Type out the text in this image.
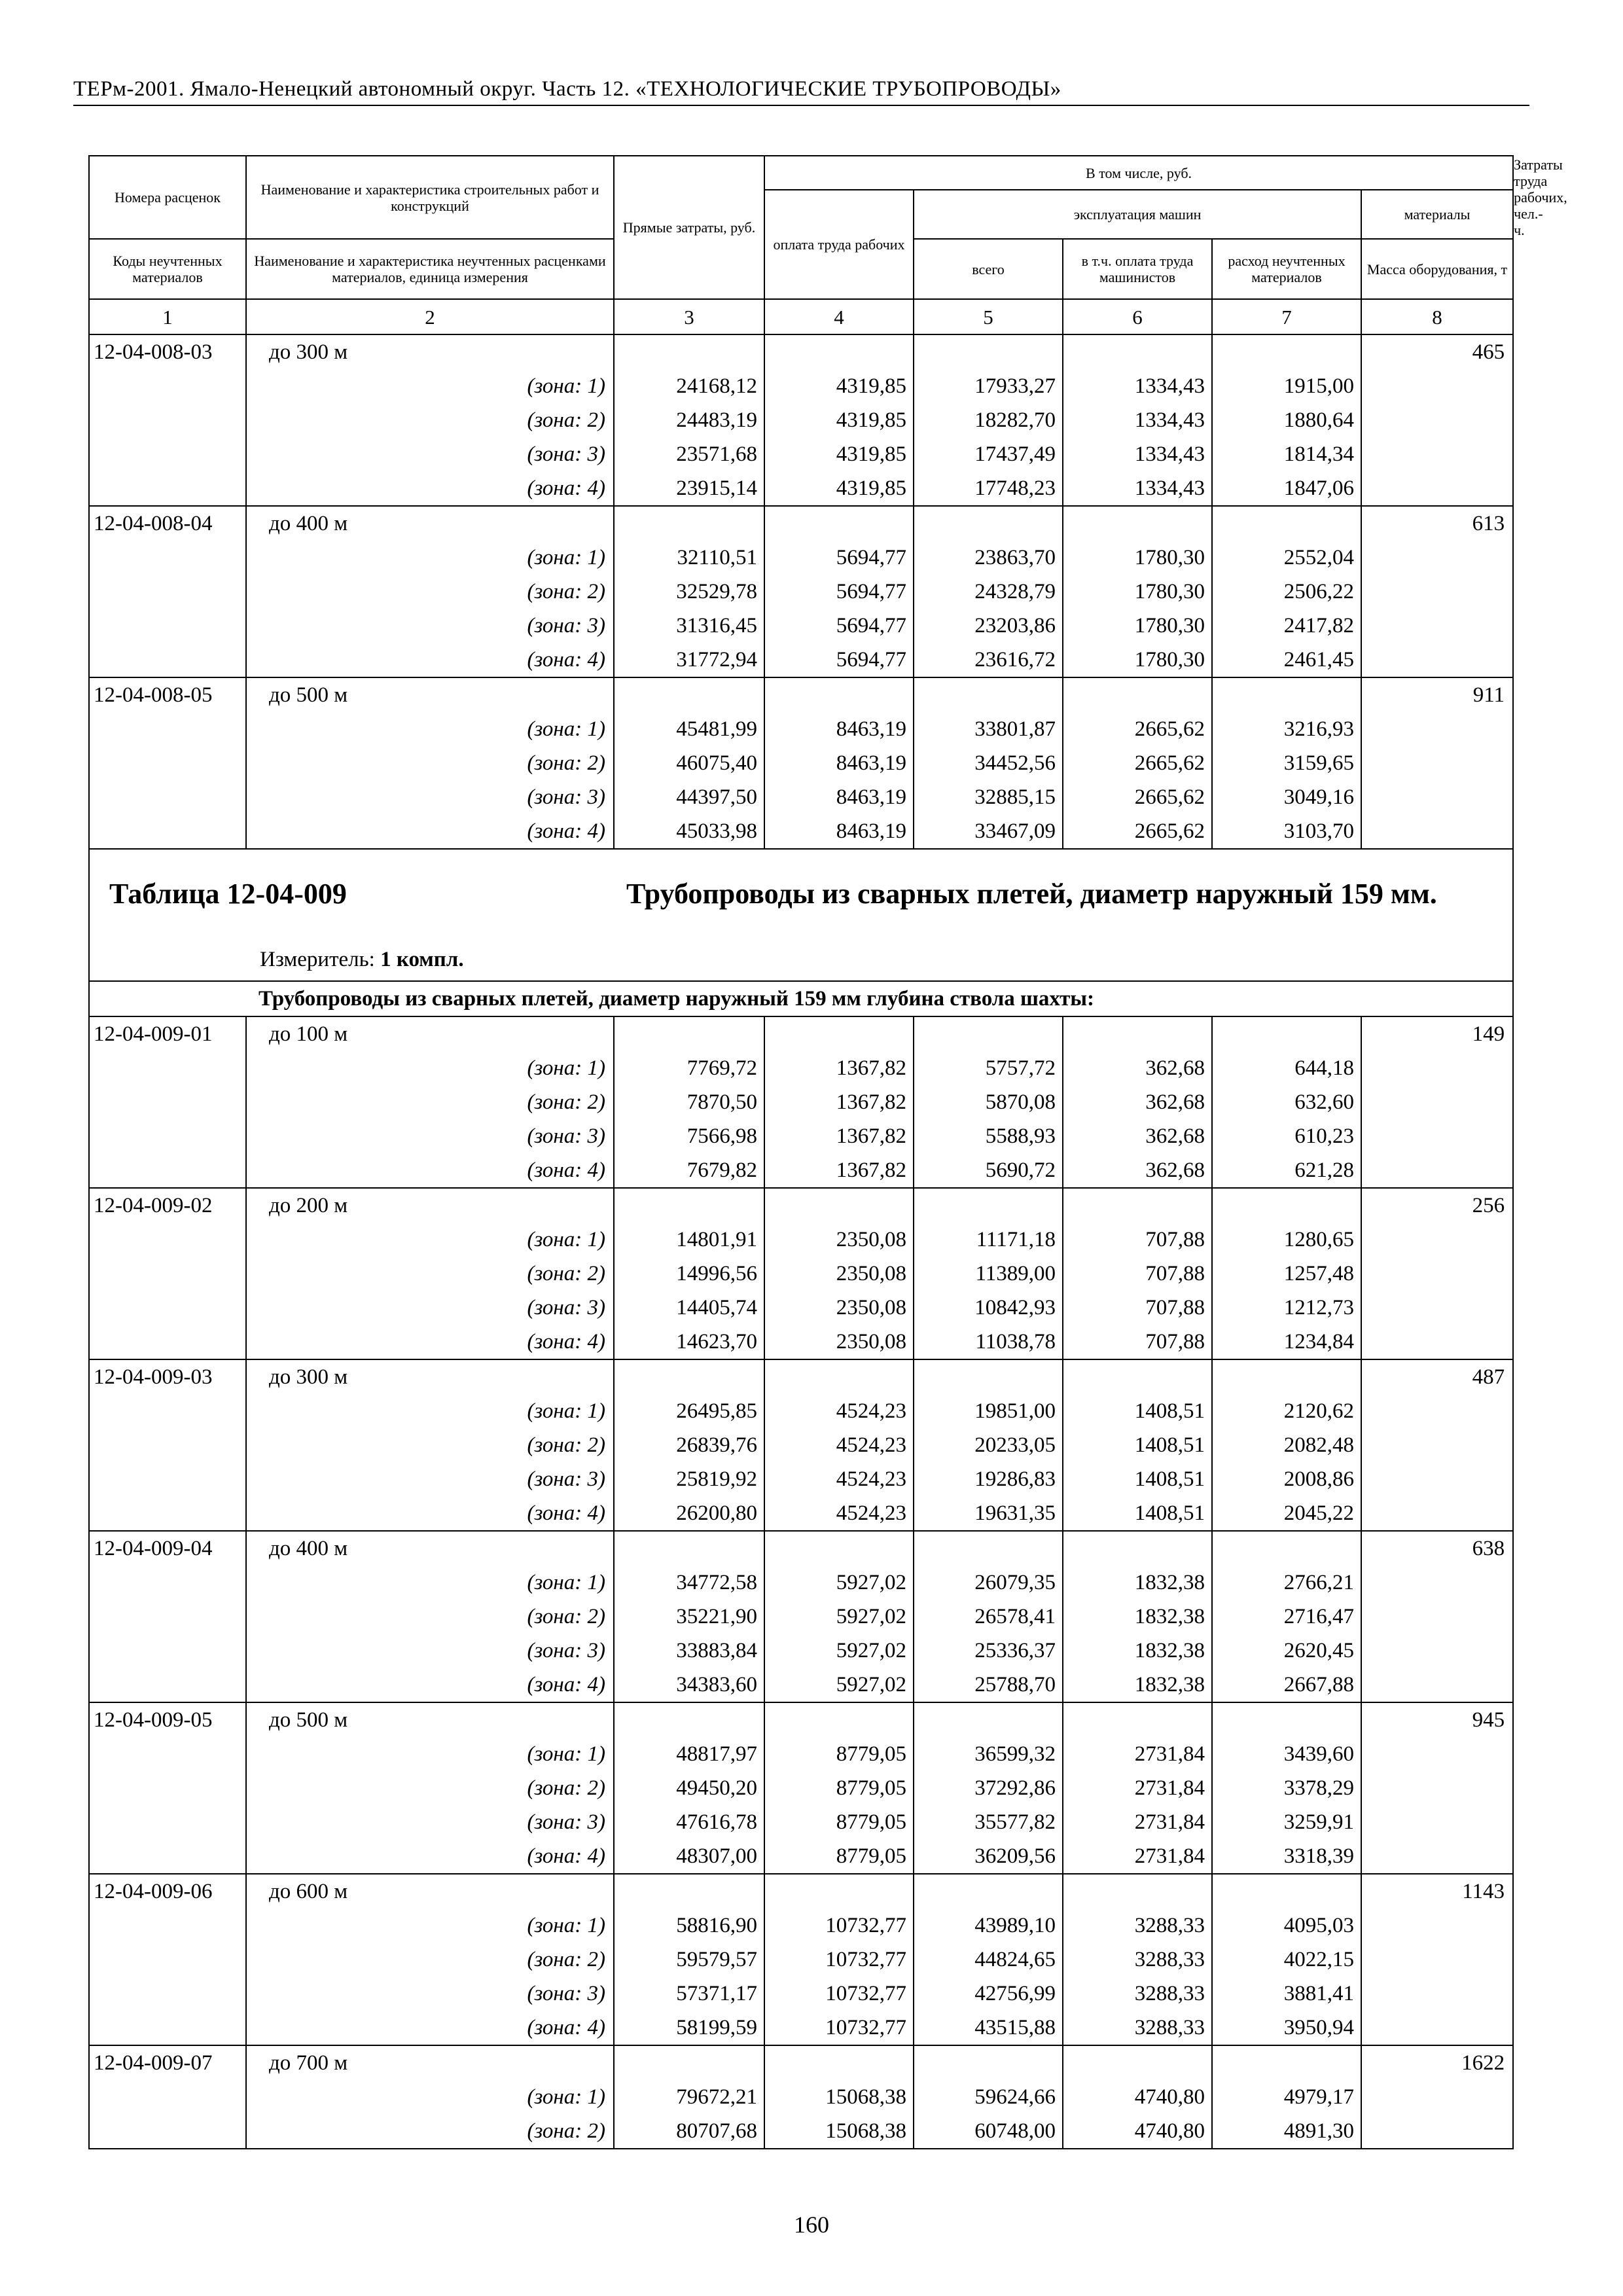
ТЕРм-2001. Ямало-Ненецкий автономный округ. Часть 12. «ТЕХНОЛОГИЧЕСКИЕ ТРУБОПРОВОДЫ»
Номера расценок	Наименование и характеристика строительных работ и конструкций	Прямые затраты, руб.	В том числе, руб.					Затраты труда рабочих, чел.-ч.
			оплата труда рабочих	эксплуатация машин			материалы	
Коды неучтенных материалов	Наименование и характеристика неучтенных расценками материалов, единица измерения			всего	в т.ч. оплата труда машинистов	расход неучтенных материалов	Масса оборудования, т	
1	2	3	4	5	6	7	8	
12-04-008-03	до 300 м						465	
	(зона: 1)	24168,12	4319,85	17933,27	1334,43	1915,00		
	(зона: 2)	24483,19	4319,85	18282,70	1334,43	1880,64		
	(зона: 3)	23571,68	4319,85	17437,49	1334,43	1814,34		
	(зона: 4)	23915,14	4319,85	17748,23	1334,43	1847,06		
12-04-008-04	до 400 м						613	
	(зона: 1)	32110,51	5694,77	23863,70	1780,30	2552,04		
	(зона: 2)	32529,78	5694,77	24328,79	1780,30	2506,22		
	(зона: 3)	31316,45	5694,77	23203,86	1780,30	2417,82		
	(зона: 4)	31772,94	5694,77	23616,72	1780,30	2461,45		
12-04-008-05	до 500 м						911	
	(зона: 1)	45481,99	8463,19	33801,87	2665,62	3216,93		
	(зона: 2)	46075,40	8463,19	34452,56	2665,62	3159,65		
	(зона: 3)	44397,50	8463,19	32885,15	2665,62	3049,16		
	(зона: 4)	45033,98	8463,19	33467,09	2665,62	3103,70		

Таблица 12-04-009 Трубопроводы из сварных плетей, диаметр наружный 159 мм.
Измеритель: 1 компл.								

Трубопроводы из сварных плетей, диаметр наружный 159 мм глубина ствола шахты:								
12-04-009-01	до 100 м						149	
	(зона: 1)	7769,72	1367,82	5757,72	362,68	644,18		
	(зона: 2)	7870,50	1367,82	5870,08	362,68	632,60		
	(зона: 3)	7566,98	1367,82	5588,93	362,68	610,23		
	(зона: 4)	7679,82	1367,82	5690,72	362,68	621,28		
12-04-009-02	до 200 м						256	
	(зона: 1)	14801,91	2350,08	11171,18	707,88	1280,65		
	(зона: 2)	14996,56	2350,08	11389,00	707,88	1257,48		
	(зона: 3)	14405,74	2350,08	10842,93	707,88	1212,73		
	(зона: 4)	14623,70	2350,08	11038,78	707,88	1234,84		
12-04-009-03	до 300 м						487	
	(зона: 1)	26495,85	4524,23	19851,00	1408,51	2120,62		
	(зона: 2)	26839,76	4524,23	20233,05	1408,51	2082,48		
	(зона: 3)	25819,92	4524,23	19286,83	1408,51	2008,86		
	(зона: 4)	26200,80	4524,23	19631,35	1408,51	2045,22		
12-04-009-04	до 400 м						638	
	(зона: 1)	34772,58	5927,02	26079,35	1832,38	2766,21		
	(зона: 2)	35221,90	5927,02	26578,41	1832,38	2716,47		
	(зона: 3)	33883,84	5927,02	25336,37	1832,38	2620,45		
	(зона: 4)	34383,60	5927,02	25788,70	1832,38	2667,88		
12-04-009-05	до 500 м						945	
	(зона: 1)	48817,97	8779,05	36599,32	2731,84	3439,60		
	(зона: 2)	49450,20	8779,05	37292,86	2731,84	3378,29		
	(зона: 3)	47616,78	8779,05	35577,82	2731,84	3259,91		
	(зона: 4)	48307,00	8779,05	36209,56	2731,84	3318,39		
12-04-009-06	до 600 м						1143	
	(зона: 1)	58816,90	10732,77	43989,10	3288,33	4095,03		
	(зона: 2)	59579,57	10732,77	44824,65	3288,33	4022,15		
	(зона: 3)	57371,17	10732,77	42756,99	3288,33	3881,41		
	(зона: 4)	58199,59	10732,77	43515,88	3288,33	3950,94		
12-04-009-07	до 700 м						1622	
	(зона: 1)	79672,21	15068,38	59624,66	4740,80	4979,17		
	(зона: 2)	80707,68	15068,38	60748,00	4740,80	4891,30		
160
